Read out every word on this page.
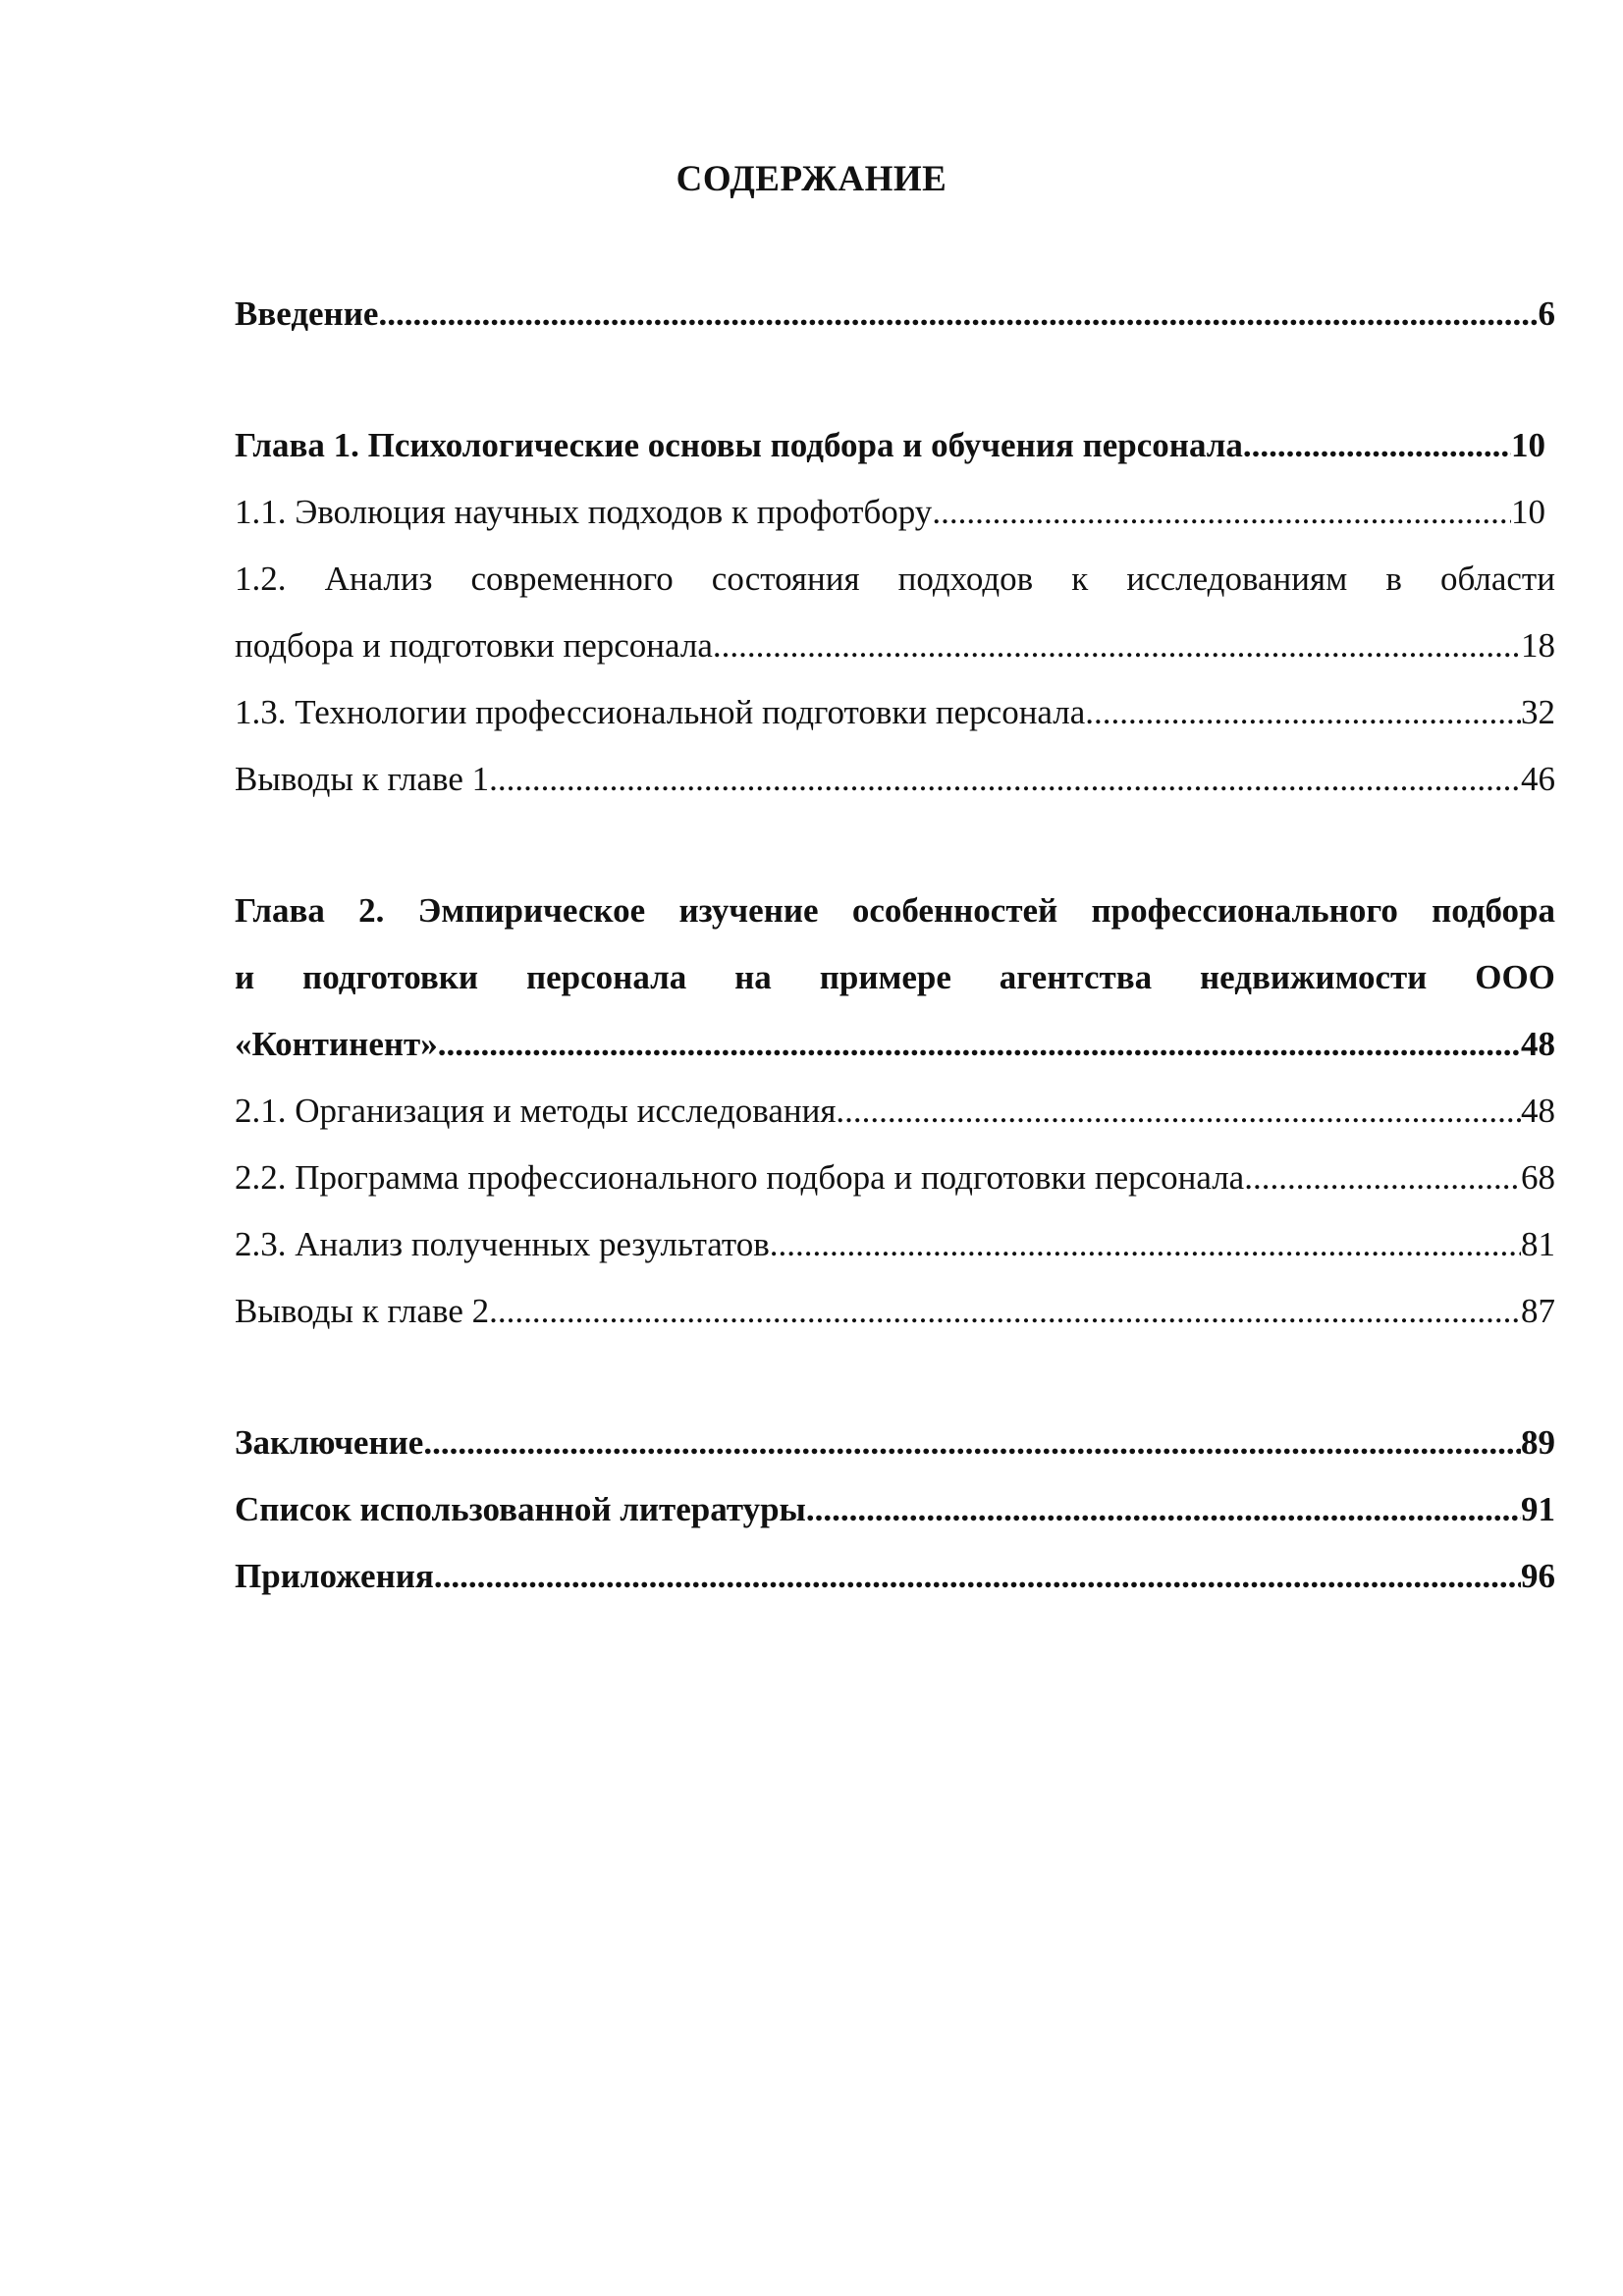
СОДЕРЖАНИЕ
Введение .....	6
Глава 1. Психологические основы подбора и обучения персонала .....	10
1.1. Эволюция научных подходов к профотбору .....	10
1.2. Анализ современного состояния подходов к исследованиям в области
подбора и подготовки персонала .....	18
1.3. Технологии профессиональной подготовки персонала .....	32
Выводы к главе 1 .....	46
Глава 2. Эмпирическое изучение особенностей профессионального подбора
и подготовки персонала на примере агентства недвижимости ООО
«Континент» .....	48
2.1. Организация и методы исследования .....	48
2.2. Программа профессионального подбора и подготовки персонала .....	68
2.3. Анализ полученных результатов .....	81
Выводы к главе 2 .....	87
Заключение .....	89
Список использованной литературы .....	91
Приложения .....	96
